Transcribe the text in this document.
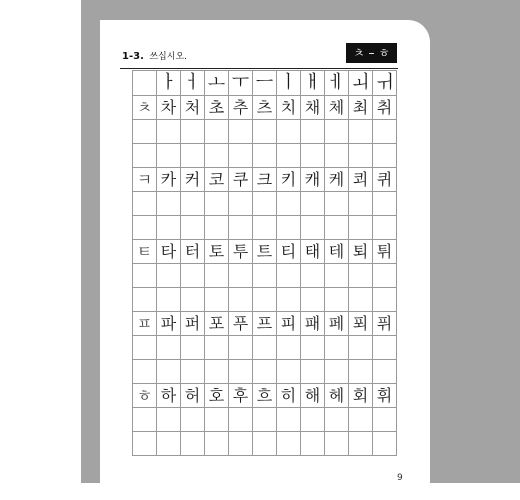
1-3. 쓰십시오.	ㅊ – ㅎ
ㅏ ㅓ ㅗ ㅜ ㅡ ㅣ ㅐ ㅔ ㅚ ㅟ
ㅊ 차 처 초 추 츠 치 채 체 최 취
ㅋ 카 커 코 쿠 크 키 캐 케 쾨 퀴
ㅌ 타 터 토 투 트 티 태 테 퇴 튀
ㅍ 파 퍼 포 푸 프 피 패 페 푀 퓌
ㅎ 하 허 호 후 흐 히 해 헤 회 휘
9
